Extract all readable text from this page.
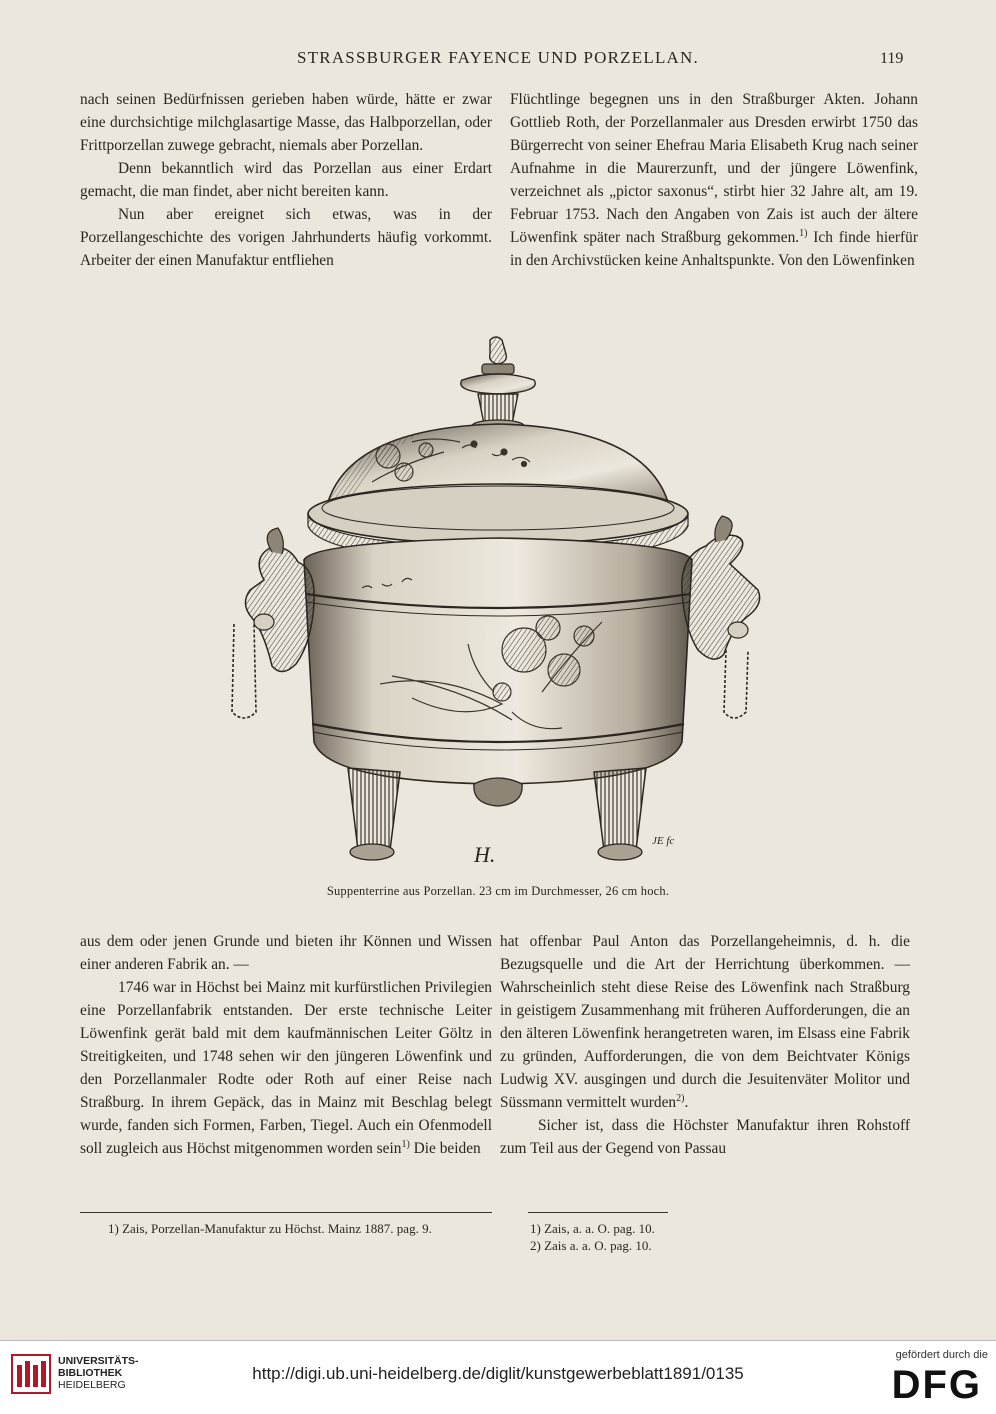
STRASSBURGER FAYENCE UND PORZELLAN.	119

nach seinen Bedürfnissen gerieben haben würde, hätte er zwar eine durchsichtige milchglasartige Masse, das Halbporzellan, oder Frittporzellan zuwege gebracht, niemals aber Porzellan.

Denn bekanntlich wird das Porzellan aus einer Erdart gemacht, die man findet, aber nicht bereiten kann.

Nun aber ereignet sich etwas, was in der Porzellangeschichte des vorigen Jahrhunderts häufig vorkommt. Arbeiter der einen Manufaktur entfliehen

Flüchtlinge begegnen uns in den Straßburger Akten. Johann Gottlieb Roth, der Porzellanmaler aus Dresden erwirbt 1750 das Bürgerrecht von seiner Ehefrau Maria Elisabeth Krug nach seiner Aufnahme in die Maurerzunft, und der jüngere Löwenfink, verzeichnet als „pictor saxonus“, stirbt hier 32 Jahre alt, am 19. Februar 1753. Nach den Angaben von Zais ist auch der ältere Löwenfink später nach Straßburg gekommen.$^{1)}$ Ich finde hierfür in den Archivstücken keine Anhaltspunkte. Von den Löwenfinken

H.
JE fc
Suppenterrine aus Porzellan. 23 cm im Durchmesser, 26 cm hoch.

aus dem oder jenen Grunde und bieten ihr Können und Wissen einer anderen Fabrik an. —

1746 war in Höchst bei Mainz mit kurfürstlichen Privilegien eine Porzellanfabrik entstanden. Der erste technische Leiter Löwenfink gerät bald mit dem kaufmännischen Leiter Göltz in Streitigkeiten, und 1748 sehen wir den jüngeren Löwenfink und den Porzellanmaler Rodte oder Roth auf einer Reise nach Straßburg. In ihrem Gepäck, das in Mainz mit Beschlag belegt wurde, fanden sich Formen, Farben, Tiegel. Auch ein Ofenmodell soll zugleich aus Höchst mitgenommen worden sein$^{1)}$ Die beiden

hat offenbar Paul Anton das Porzellangeheimnis, d. h. die Bezugsquelle und die Art der Herrichtung überkommen. — Wahrscheinlich steht diese Reise des Löwenfink nach Straßburg in geistigem Zusammenhang mit früheren Aufforderungen, die an den älteren Löwenfink herangetreten waren, im Elsass eine Fabrik zu gründen, Aufforderungen, die von dem Beichtvater Königs Ludwig XV. ausgingen und durch die Jesuitenväter Molitor und Süssmann vermittelt wurden$^{2)}$.

Sicher ist, dass die Höchster Manufaktur ihren Rohstoff zum Teil aus der Gegend von Passau

1) Zais, Porzellan-Manufaktur zu Höchst. Mainz 1887. pag. 9.	1) Zais, a. a. O. pag. 10.
2) Zais a. a. O. pag. 10.
UNIVERSITÄTS-
BIBLIOTHEK
HEIDELBERG
http://digi.ub.uni-heidelberg.de/diglit/kunstgewerbeblatt1891/0135
gefördert durch die
DFG
